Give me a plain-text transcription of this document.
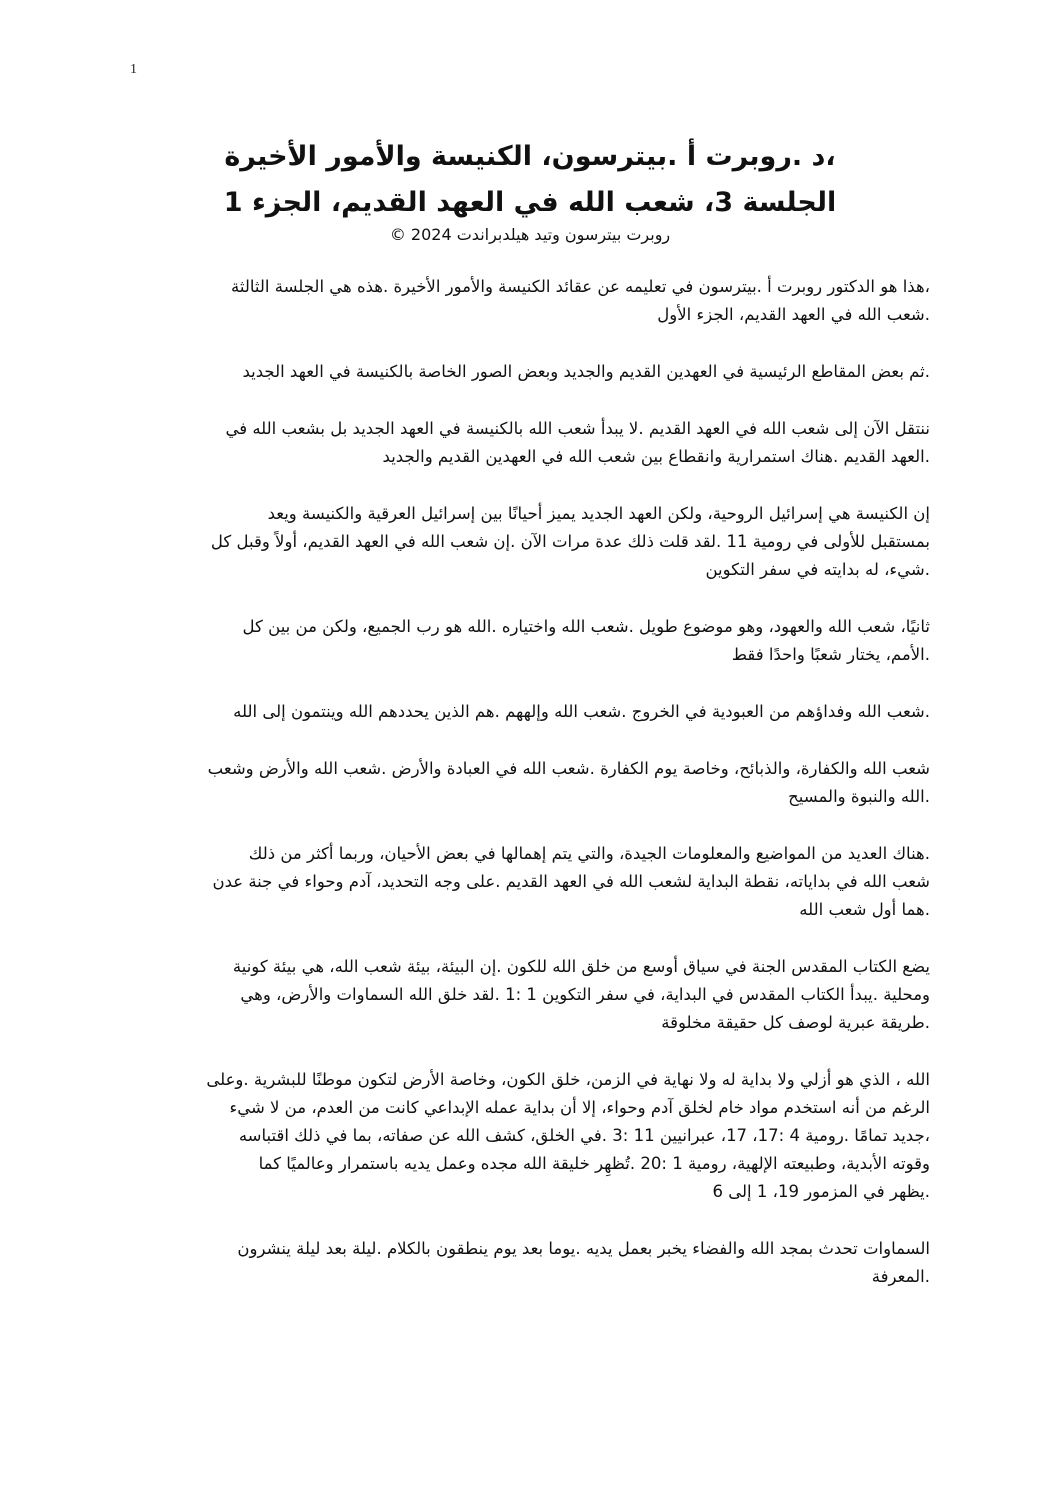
1
،د .روبرت أ .بيترسون، الكنيسة والأمور الأخيرة
الجلسة 3، شعب الله في العهد القديم، الجزء 1
روبرت بيترسون وتيد هيلدبراندت 2024 ©
،هذا هو الدكتور روبرت أ .بيترسون في تعليمه عن عقائد الكنيسة والأمور الأخيرة .هذه هي الجلسة الثالثة
.شعب الله في العهد القديم، الجزء الأول
.ثم بعض المقاطع الرئيسية في العهدين القديم والجديد وبعض الصور الخاصة بالكنيسة في العهد الجديد
ننتقل الآن إلى شعب الله في العهد القديم .لا يبدأ شعب الله بالكنيسة في العهد الجديد بل بشعب الله في
.العهد القديم .هناك استمرارية وانقطاع بين شعب الله في العهدين القديم والجديد
إن الكنيسة هي إسرائيل الروحية، ولكن العهد الجديد يميز أحيانًا بين إسرائيل العرقية والكنيسة ويعد
بمستقبل للأولى في رومية 11 .لقد قلت ذلك عدة مرات الآن .إن شعب الله في العهد القديم، أولاً وقبل كل
.شيء، له بدايته في سفر التكوين
ثانيًا، شعب الله والعهود، وهو موضوع طويل .شعب الله واختياره .الله هو رب الجميع، ولكن من بين كل
.الأمم، يختار شعبًا واحدًا فقط
.شعب الله وفداؤهم من العبودية في الخروج .شعب الله وإلههم .هم الذين يحددهم الله وينتمون إلى الله
شعب الله والكفارة، والذبائح، وخاصة يوم الكفارة .شعب الله في العبادة والأرض .شعب الله والأرض وشعب
.الله والنبوة والمسيح
.هناك العديد من المواضيع والمعلومات الجيدة، والتي يتم إهمالها في بعض الأحيان، وربما أكثر من ذلك
شعب الله في بداياته، نقطة البداية لشعب الله في العهد القديم .على وجه التحديد، آدم وحواء في جنة عدن
.هما أول شعب الله
يضع الكتاب المقدس الجنة في سياق أوسع من خلق الله للكون .إن البيئة، بيئة شعب الله، هي بيئة كونية
ومحلية .يبدأ الكتاب المقدس في البداية، في سفر التكوين 1 :1 .لقد خلق الله السماوات والأرض، وهي
.طريقة عبرية لوصف كل حقيقة مخلوقة
الله ، الذي هو أزلي ولا بداية له ولا نهاية في الزمن، خلق الكون، وخاصة الأرض لتكون موطنًا للبشرية .وعلى
الرغم من أنه استخدم مواد خام لخلق آدم وحواء، إلا أن بداية عمله الإبداعي كانت من العدم، من لا شيء
،جديد تمامًا .رومية 4 :17، 17، عبرانيين 11 :3 .في الخلق، كشف الله عن صفاته، بما في ذلك اقتباسه
وقوته الأبدية، وطبيعته الإلهية، رومية 1 :20 .تُظهِر خليقة الله مجده وعمل يديه باستمرار وعالميًا كما
.يظهر في المزمور 19، 1 إلى 6
السماوات تحدث بمجد الله والفضاء يخبر بعمل يديه .يوما بعد يوم ينطقون بالكلام .ليلة بعد ليلة ينشرون
.المعرفة
